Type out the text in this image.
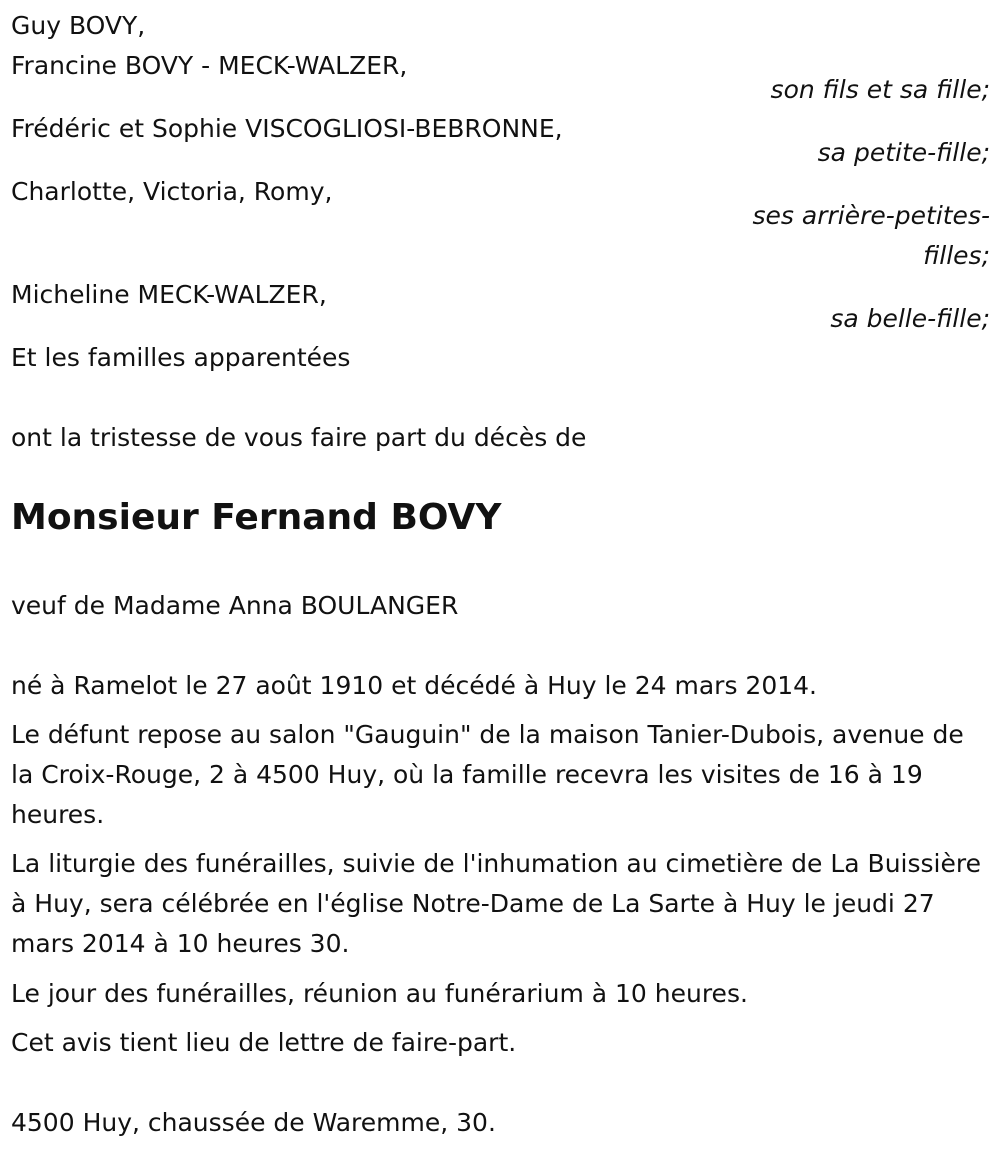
Guy BOVY,
Francine BOVY - MECK-WALZER,
son fils et sa fille;
Frédéric et Sophie VISCOGLIOSI-BEBRONNE,
sa petite-fille;
Charlotte, Victoria, Romy,
ses arrière-petites-
filles;
Micheline MECK-WALZER,
sa belle-fille;
Et les familles apparentées
ont la tristesse de vous faire part du décès de
Monsieur Fernand BOVY
veuf de Madame Anna BOULANGER
né à Ramelot le 27 août 1910 et décédé à Huy le 24 mars 2014.
Le défunt repose au salon "Gauguin" de la maison Tanier-Dubois, avenue de la Croix-Rouge, 2 à 4500 Huy, où la famille recevra les visites de 16 à 19 heures.
La liturgie des funérailles, suivie de l'inhumation au cimetière de La Buissière à Huy, sera célébrée en l'église Notre-Dame de La Sarte à Huy le jeudi 27 mars 2014 à 10 heures 30.
Le jour des funérailles, réunion au funérarium à 10 heures.
Cet avis tient lieu de lettre de faire-part.
4500 Huy, chaussée de Waremme, 30.
